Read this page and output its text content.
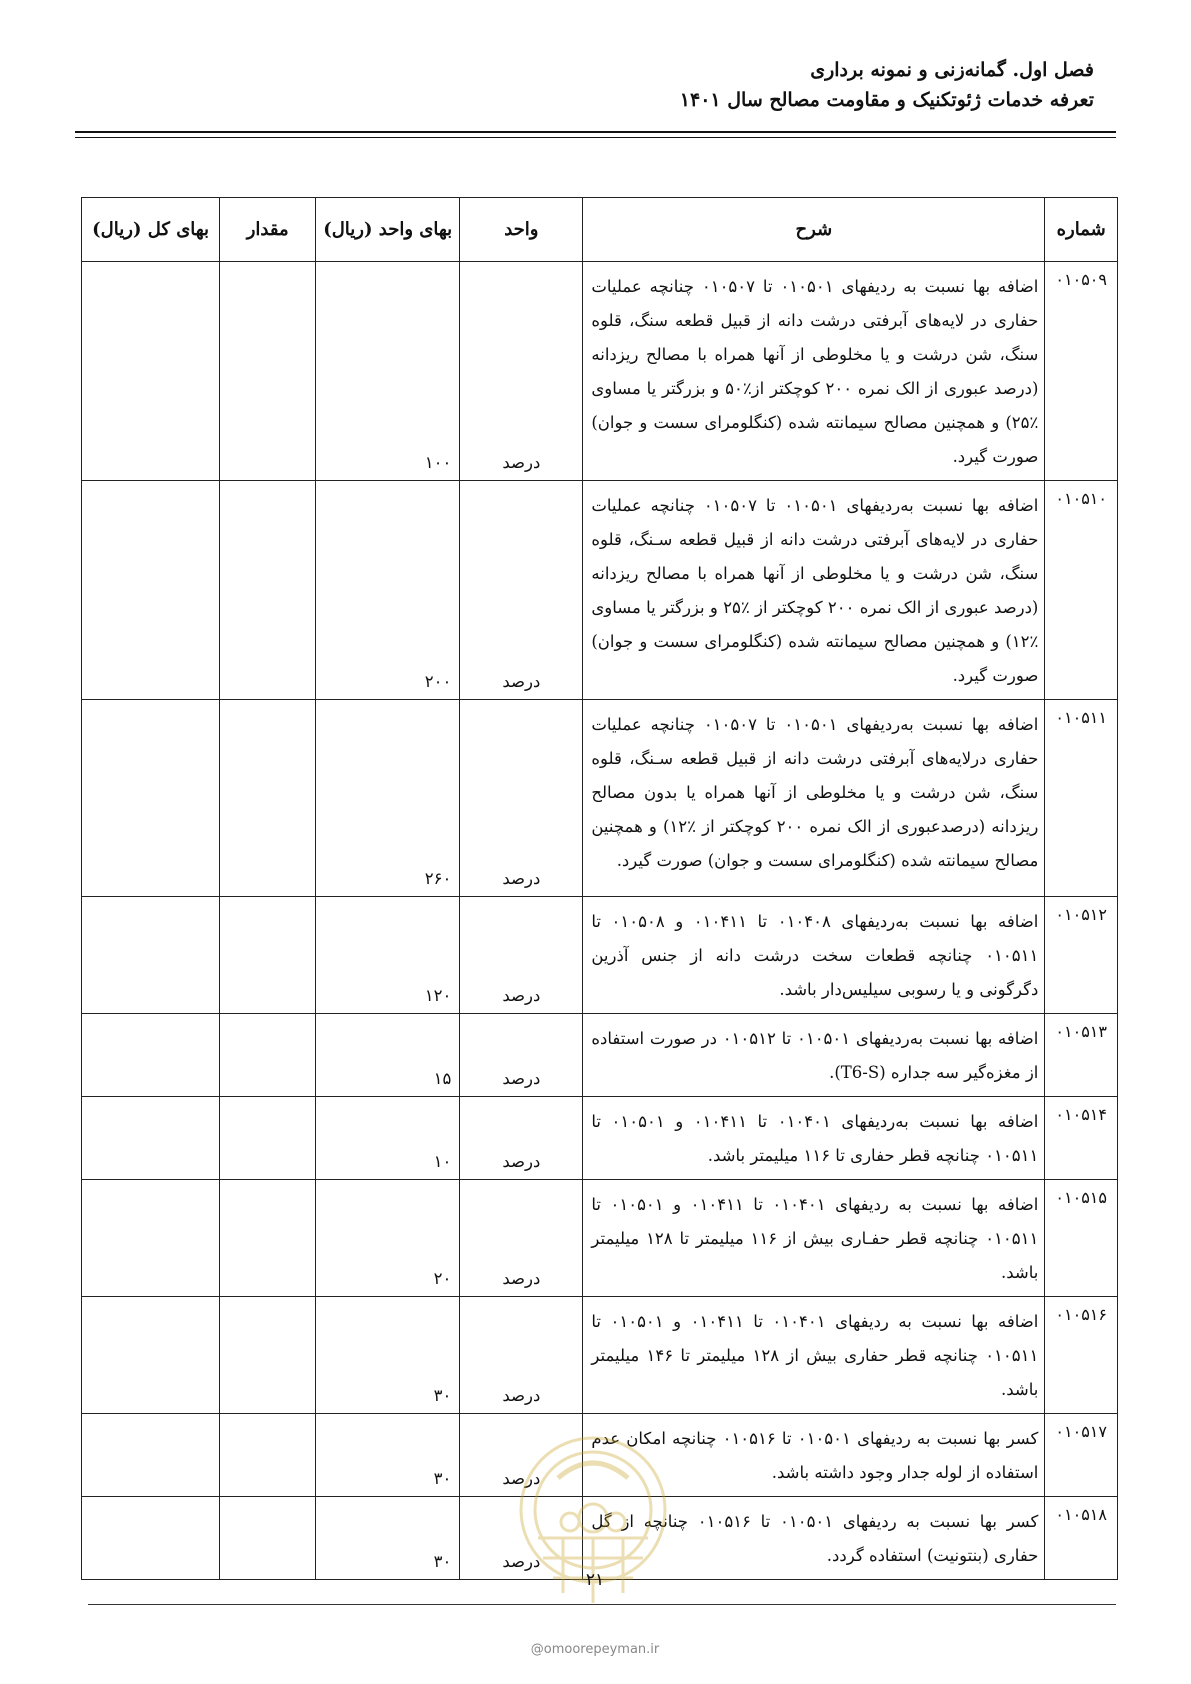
فصل اول. گمانه‌زنی و نمونه برداری
تعرفه خدمات ژئوتکنیک و مقاومت مصالح سال ۱۴۰۱
شماره	شرح	واحد	بهای واحد (ریال)	مقدار	بهای کل (ریال)
۰۱۰۵۰۹	اضافه بها نسبت به ردیفهای ۰۱۰۵۰۱ تا ۰۱۰۵۰۷ چنانچه عملیات حفاری در لایه‌های آبرفتی درشت دانه از قبیل قطعه سنگ، قلوه سنگ، شن درشت و یا مخلوطی از آنها همراه با مصالح ریزدانه (درصد عبوری از الک نمره ۲۰۰ کوچکتر از٪۵۰ و بزرگتر یا مساوی ٪۲۵) و همچنین مصالح سیمانته شده (کنگلومرای سست و جوان) صورت گیرد.	درصد	۱۰۰		
۰۱۰۵۱۰	اضافه بها نسبت به‌ردیفهای ۰۱۰۵۰۱ تا ۰۱۰۵۰۷ چنانچه عملیات حفاری در لایه‌های آبرفتی درشت دانه از قبیل قطعه سـنگ، قلوه سنگ، شن درشت و یا مخلوطی از آنها همراه با مصالح ریزدانه (درصد عبوری از الک نمره ۲۰۰ کوچکتر از ٪۲۵ و بزرگتر یا مساوی ٪۱۲) و همچنین مصالح سیمانته شده (کنگلومرای سست و جوان) صورت گیرد.	درصد	۲۰۰		
۰۱۰۵۱۱	اضافه بها نسبت به‌ردیفهای ۰۱۰۵۰۱ تا ۰۱۰۵۰۷ چنانچه عملیات حفاری درلایه‌های آبرفتی درشت دانه از قبیل قطعه سـنگ، قلوه سنگ، شن درشت و یا مخلوطی از آنها همراه یا بدون مصالح ریزدانه (درصدعبوری از الک نمره ۲۰۰ کوچکتر از ٪۱۲) و همچنین مصالح سیمانته شده (کنگلومرای سست و جوان) صورت گیرد.	درصد	۲۶۰		
۰۱۰۵۱۲	اضافه بها نسبت به‌ردیفهای ۰۱۰۴۰۸ تا ۰۱۰۴۱۱ و ۰۱۰۵۰۸ تا ۰۱۰۵۱۱ چنانچه قطعات سخت درشت دانه از جنس آذرین دگرگونی و یا رسوبی سیلیس‌دار باشد.	درصد	۱۲۰		
۰۱۰۵۱۳	اضافه بها نسبت به‌ردیفهای ۰۱۰۵۰۱ تا ۰۱۰۵۱۲ در صورت استفاده از مغزه‌گیر سه جداره (T6-S).	درصد	۱۵		
۰۱۰۵۱۴	اضافه بها نسبت به‌ردیفهای ۰۱۰۴۰۱ تا ۰۱۰۴۱۱ و ۰۱۰۵۰۱ تا ۰۱۰۵۱۱ چنانچه قطر حفاری تا ۱۱۶ میلیمتر باشد.	درصد	۱۰		
۰۱۰۵۱۵	اضافه بها نسبت به ردیفهای ۰۱۰۴۰۱ تا ۰۱۰۴۱۱ و ۰۱۰۵۰۱ تا ۰۱۰۵۱۱ چنانچه قطر حفـاری بیش از ۱۱۶ میلیمتر تا ۱۲۸ میلیمتر باشد.	درصد	۲۰		
۰۱۰۵۱۶	اضافه بها نسبت به ردیفهای ۰۱۰۴۰۱ تا ۰۱۰۴۱۱ و ۰۱۰۵۰۱ تا ۰۱۰۵۱۱ چنانچه قطر حفاری بیش از ۱۲۸ میلیمتر تا ۱۴۶ میلیمتر باشد.	درصد	۳۰		
۰۱۰۵۱۷	کسر بها نسبت به ردیفهای ۰۱۰۵۰۱ تا ۰۱۰۵۱۶ چنانچه امکان عدم استفاده از لوله جدار وجود داشته باشد.	درصد	۳۰		
۰۱۰۵۱۸	کسر بها نسبت به ردیفهای ۰۱۰۵۰۱ تا ۰۱۰۵۱۶ چنانچه از گل حفاری (بنتونیت) استفاده گردد.	درصد	۳۰		
۲۱
@omoorepeyman.ir
